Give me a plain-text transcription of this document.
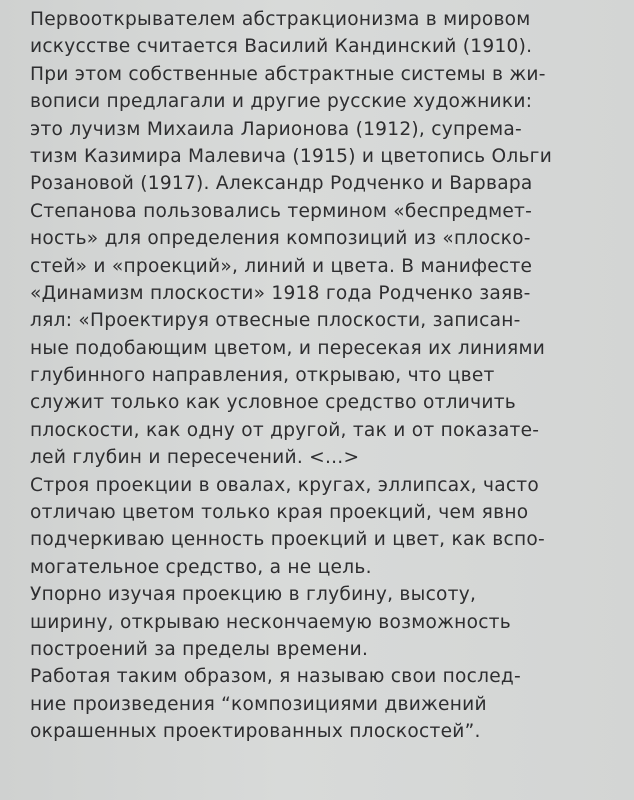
Первооткрывателем абстракционизма в мировом
искусстве считается Василий Кандинский (1910).
При этом собственные абстрактные системы в жи-
вописи предлагали и другие русские художники:
это лучизм Михаила Ларионова (1912), супрема-
тизм Казимира Малевича (1915) и цветопись Ольги
Розановой (1917). Александр Родченко и Варвара
Степанова пользовались термином «беспредмет-
ность» для определения композиций из «плоско-
стей» и «проекций», линий и цвета. В манифесте
«Динамизм плоскости» 1918 года Родченко заяв-
лял: «Проектируя отвесные плоскости, записан-
ные подобающим цветом, и пересекая их линиями
глубинного направления, открываю, что цвет
служит только как условное средство отличить
плоскости, как одну от другой, так и от показате-
лей глубин и пересечений. <...>
Строя проекции в овалах, кругах, эллипсах, часто
отличаю цветом только края проекций, чем явно
подчеркиваю ценность проекций и цвет, как вспо-
могательное средство, а не цель.
Упорно изучая проекцию в глубину, высоту,
ширину, открываю нескончаемую возможность
построений за пределы времени.
Работая таким образом, я называю свои послед-
ние произведения “композициями движений
окрашенных проектированных плоскостей”.
